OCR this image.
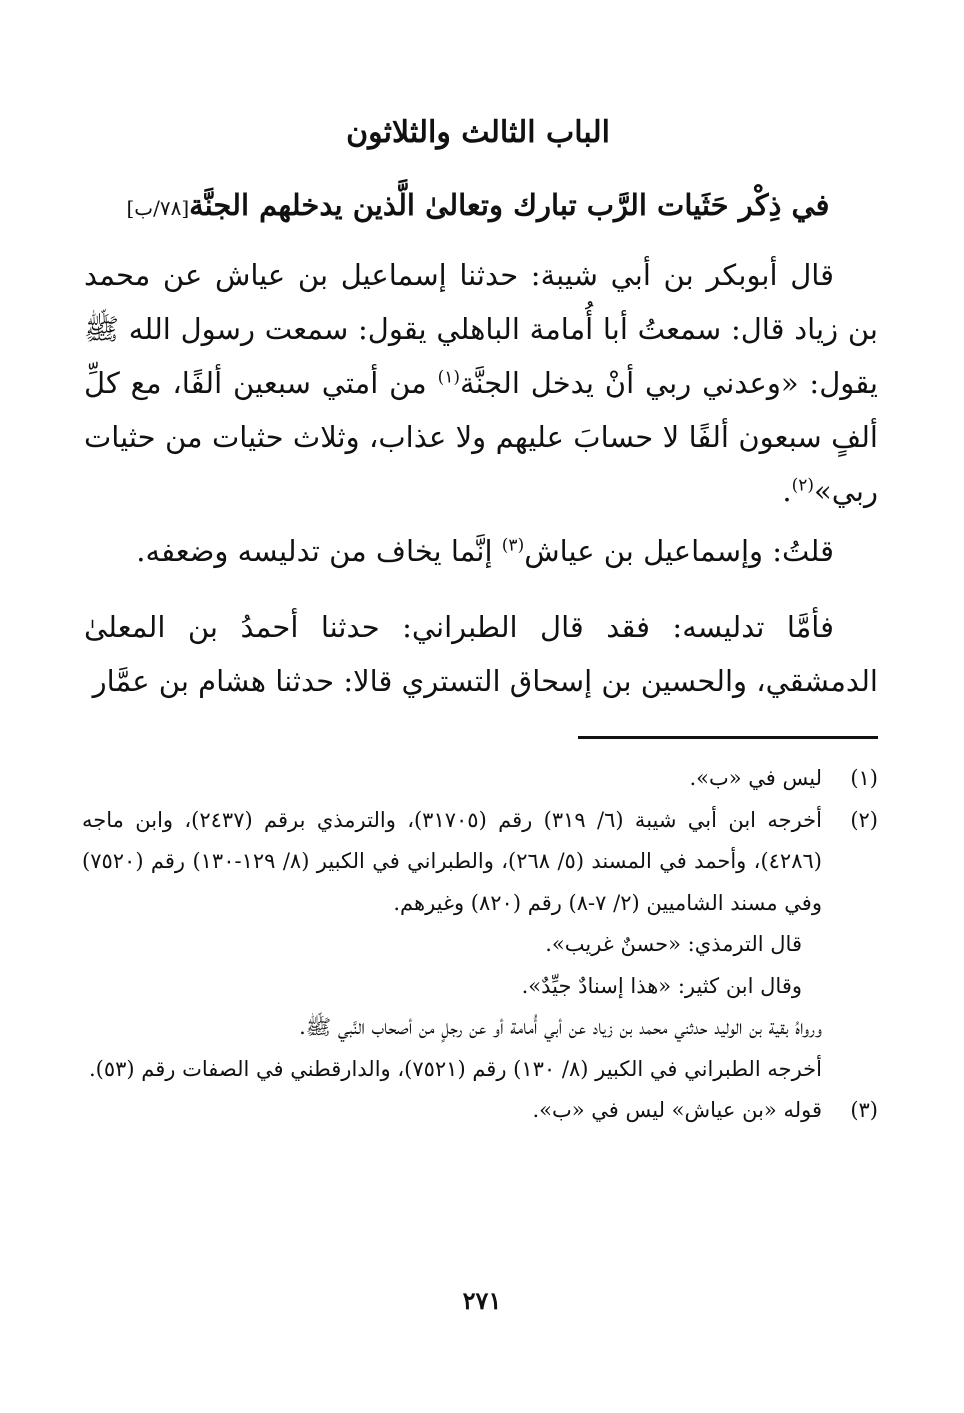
الباب الثالث والثلاثون
في ذِكْر حَثَيات الرَّب تبارك وتعالىٰ الَّذين يدخلهم الجنَّة[٧٨/ب]
قال أبوبكر بن أبي شيبة: حدثنا إسماعيل بن عياش عن محمد بن زياد قال: سمعتُ أبا أُمامة الباهلي يقول: سمعت رسول الله ﷺ يقول: «وعدني ربي أنْ يدخل الجنَّة$^{(١)}$ من أمتي سبعين ألفًا، مع كلِّ ألفٍ سبعون ألفًا لا حسابَ عليهم ولا عذاب، وثلاث حثيات من حثيات ربي»$^{(٢)}$.
قلتُ: وإسماعيل بن عياش$^{(٣)}$ إنَّما يخاف من تدليسه وضعفه.
فأمَّا تدليسه: فقد قال الطبراني: حدثنا أحمدُ بن المعلىٰ الدمشقي، والحسين بن إسحاق التستري قالا: حدثنا هشام بن عمَّار
(١)
ليس في «ب».
(٢)
أخرجه ابن أبي شيبة (٦/ ٣١٩) رقم (٣١٧٠٥)، والترمذي برقم (٢٤٣٧)، وابن ماجه (٤٢٨٦)، وأحمد في المسند (٥/ ٢٦٨)، والطبراني في الكبير (٨/ ١٢٩-١٣٠) رقم (٧٥٢٠) وفي مسند الشاميين (٢/ ٧-٨) رقم (٨٢٠) وغيرهم.
قال الترمذي: «حسنٌ غريب».
وقال ابن كثير: «هذا إسنادٌ جيِّدٌ».
ورواهُ بقية بن الوليد حدثني محمد بن زياد عن أبي أُمامة أو عن رجلٍ من أصحاب النَّبي ﷺ.
أخرجه الطبراني في الكبير (٨/ ١٣٠) رقم (٧٥٢١)، والدارقطني في الصفات رقم (٥٣).
(٣)
قوله «بن عياش» ليس في «ب».
٢٧١
